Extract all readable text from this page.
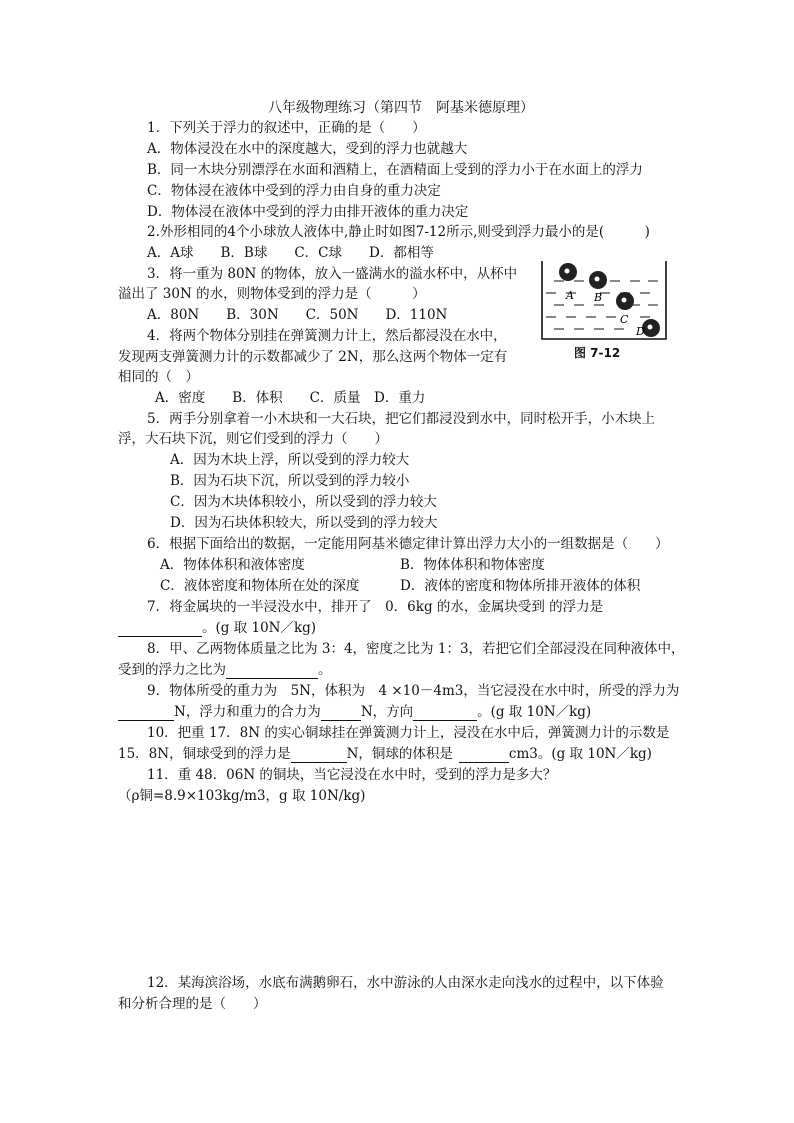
八年级物理练习（第四节　阿基米德原理）
1．下列关于浮力的叙述中，正确的是（　　）
A．物体浸没在水中的深度越大，受到的浮力也就越大
B．同一木块分别漂浮在水面和酒精上，在酒精面上受到的浮力小于在水面上的浮力
C．物体浸在液体中受到的浮力由自身的重力决定
D．物体浸在液体中受到的浮力由排开液体的重力决定
2.外形相同的4个小球放人液体中,静止时如图7-12所示,则受到浮力最小的是(　　　)
A．A球　　B．B球　　C．C球　　D．都相等
3．将一重为 80N 的物体，放入一盛满水的溢水杯中，从杯中
溢出了 30N 的水，则物体受到的浮力是（　　　）
A．80N　　B．30N　　C．50N　　D．110N
4．将两个物体分别挂在弹簧测力计上，然后都浸没在水中，
发现两支弹簧测力计的示数都减少了 2N，那么这两个物体一定有
相同的（　）
A．密度　　B．体积　　C．质量　D．重力
A B
C
D
图 7-12
5．两手分别拿着一小木块和一大石块，把它们都浸没到水中，同时松开手，小木块上
浮，大石块下沉，则它们受到的浮力（　　）
A．因为木块上浮，所以受到的浮力较大
B．因为石块下沉，所以受到的浮力较小
C．因为木块体积较小，所以受到的浮力较大
D．因为石块体积较大，所以受到的浮力较大
6．根据下面给出的数据，一定能用阿基米德定律计算出浮力大小的一组数据是（　　）
A．物体体积和液体密度	B．物体体积和物体密度
C．液体密度和物体所在处的深度	D．液体的密度和物体所排开液体的体积
7．将金属块的一半浸没水中，排开了　0．6kg 的水，金属块受到 的浮力是
。(g 取 10N／kg)
8．甲、乙两物体质量之比为 3：4，密度之比为 1：3，若把它们全部浸没在同种液体中，
受到的浮力之比为	。
9．物体所受的重力为　5N，体积为　4 ×10－4m3，当它浸没在水中时，所受的浮力为
N，浮力和重力的合力为	N，方向	。(g 取 10N／kg)
10．把重 17．8N 的实心铜球挂在弹簧测力计上，浸没在水中后，弹簧测力计的示数是
15．8N，铜球受到的浮力是	N，铜球的体积是	cm3。(g 取 10N／kg)
11．重 48．06N 的铜块，当它浸没在水中时，受到的浮力是多大？
（ρ铜=8.9×103kg/m3，g 取 10N/kg)
12．某海滨浴场，水底布满鹅卵石，水中游泳的人由深水走向浅水的过程中，以下体验
和分析合理的是（　　）
